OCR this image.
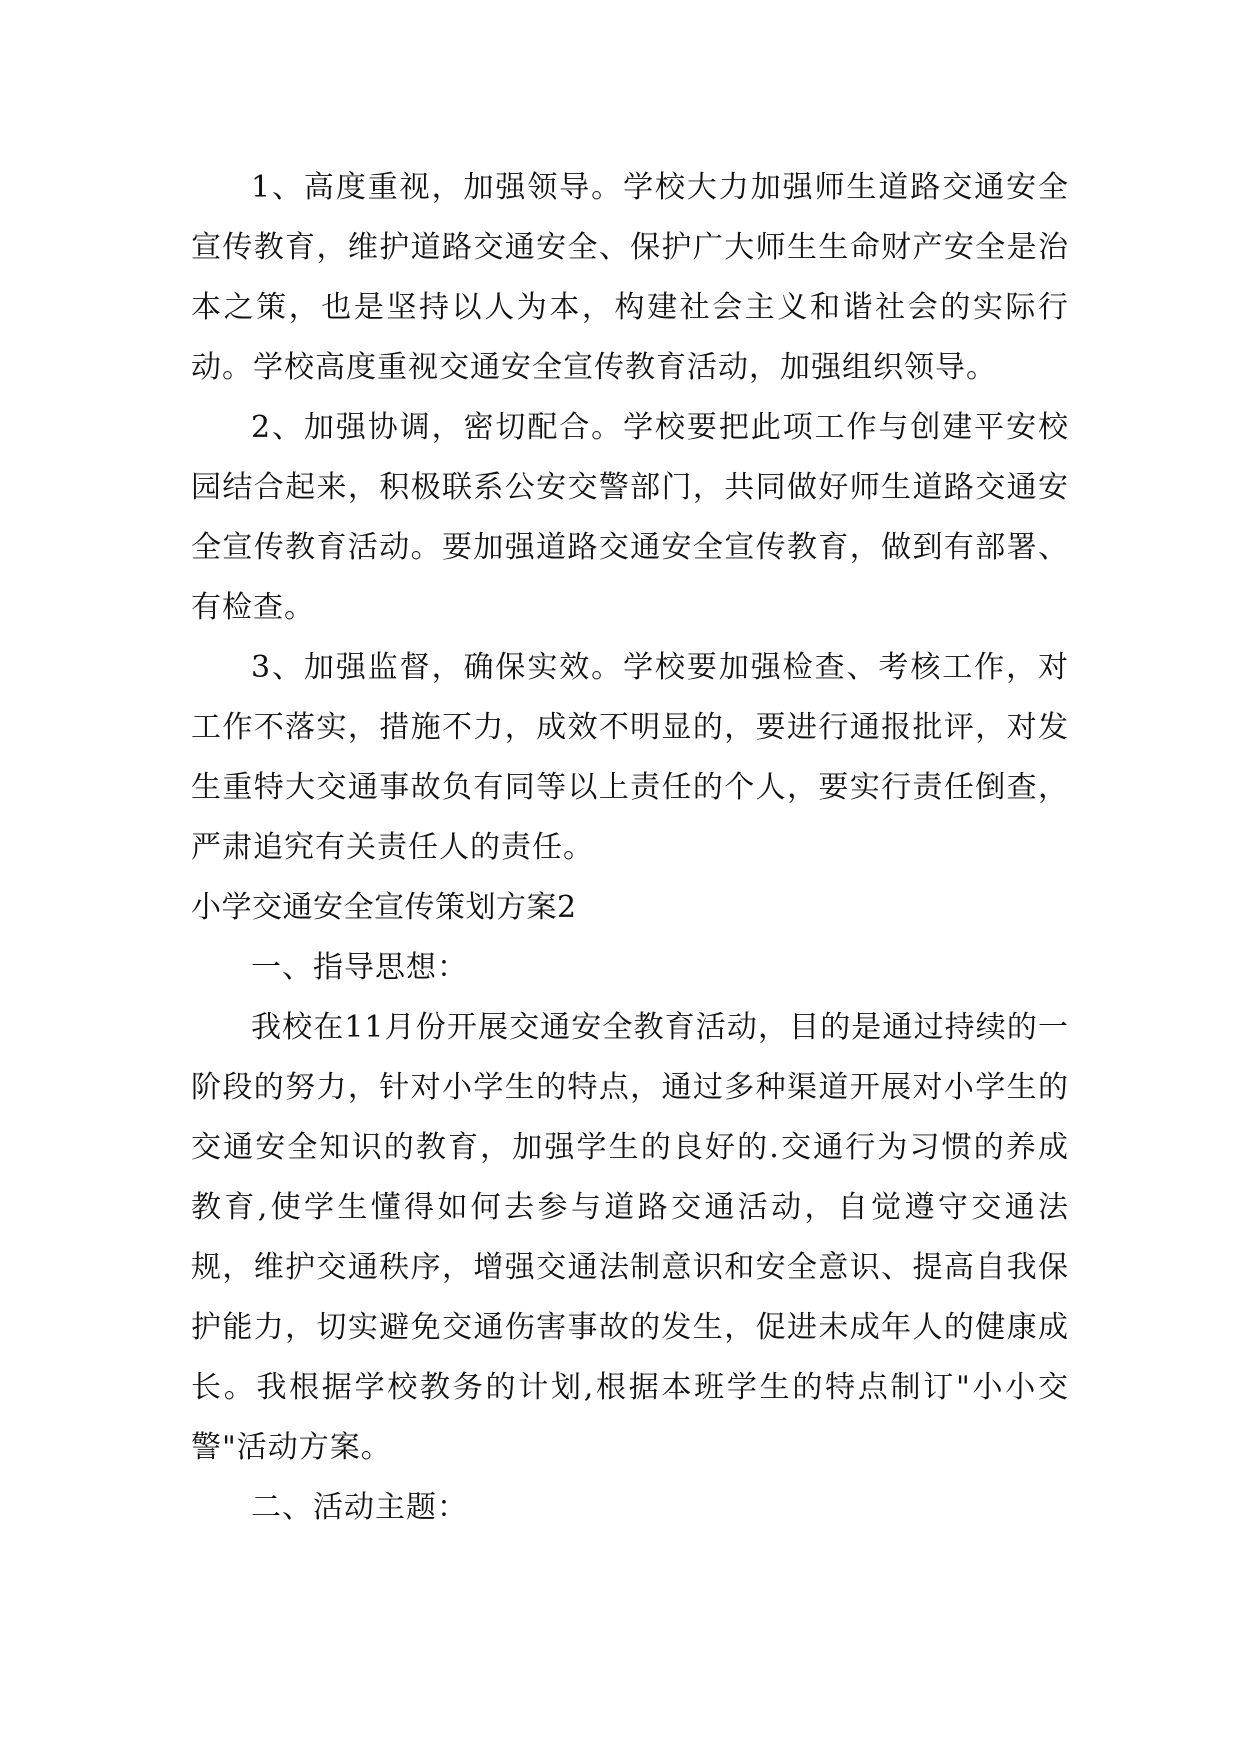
1、高度重视，加强领导。学校大力加强师生道路交通安全宣传教育，维护道路交通安全、保护广大师生生命财产安全是治本之策，也是坚持以人为本，构建社会主义和谐社会的实际行动。学校高度重视交通安全宣传教育活动，加强组织领导。

2、加强协调，密切配合。学校要把此项工作与创建平安校园结合起来，积极联系公安交警部门，共同做好师生道路交通安全宣传教育活动。要加强道路交通安全宣传教育，做到有部署、有检查。

3、加强监督，确保实效。学校要加强检查、考核工作，对工作不落实，措施不力，成效不明显的，要进行通报批评，对发生重特大交通事故负有同等以上责任的个人，要实行责任倒查，严肃追究有关责任人的责任。

小学交通安全宣传策划方案2

一、指导思想：

我校在11月份开展交通安全教育活动，目的是通过持续的一阶段的努力，针对小学生的特点，通过多种渠道开展对小学生的交通安全知识的教育，加强学生的良好的.交通行为习惯的养成教育,使学生懂得如何去参与道路交通活动，自觉遵守交通法规，维护交通秩序，增强交通法制意识和安全意识、提高自我保护能力，切实避免交通伤害事故的发生，促进未成年人的健康成长。我根据学校教务的计划,根据本班学生的特点制订"小小交警"活动方案。

二、活动主题：
